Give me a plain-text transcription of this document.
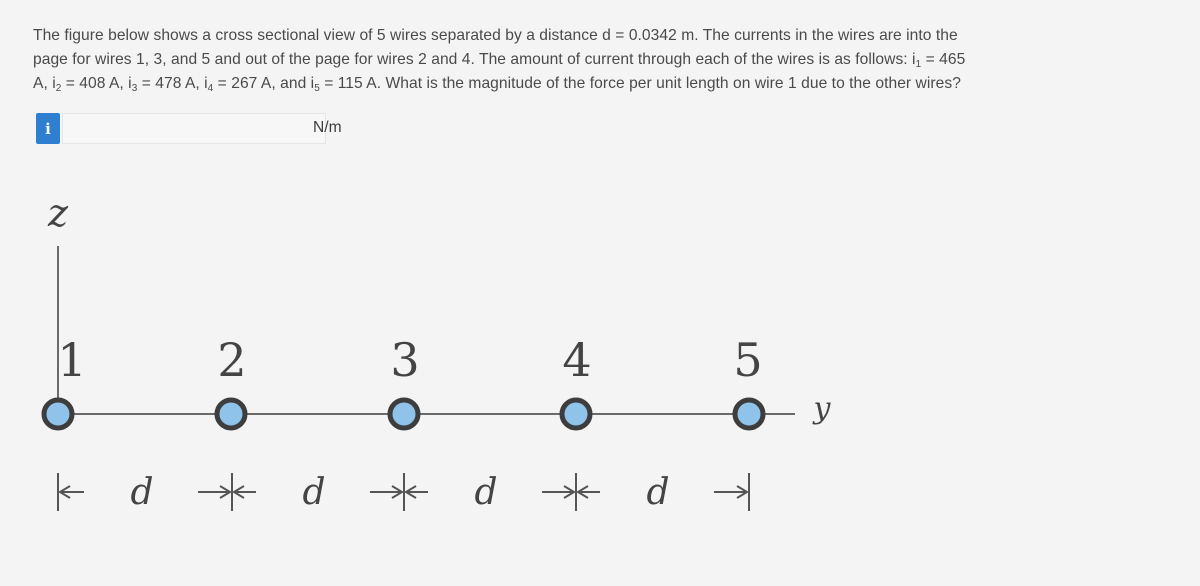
The figure below shows a cross sectional view of 5 wires separated by a distance d = 0.0342 m. The currents in the wires are into the
page for wires 1, 3, and 5 and out of the page for wires 2 and 4. The amount of current through each of the wires is as follows: $i_1 = 465$
A, $i_2 = 408$ A, $i_3 = 478$ A, $i_4 = 267$ A, and $i_5 = 115$ A. What is the magnitude of the force per unit length on wire 1 due to the other wires?
i	N/m
z
y
1	2	3	4	5
d	d	d	d
